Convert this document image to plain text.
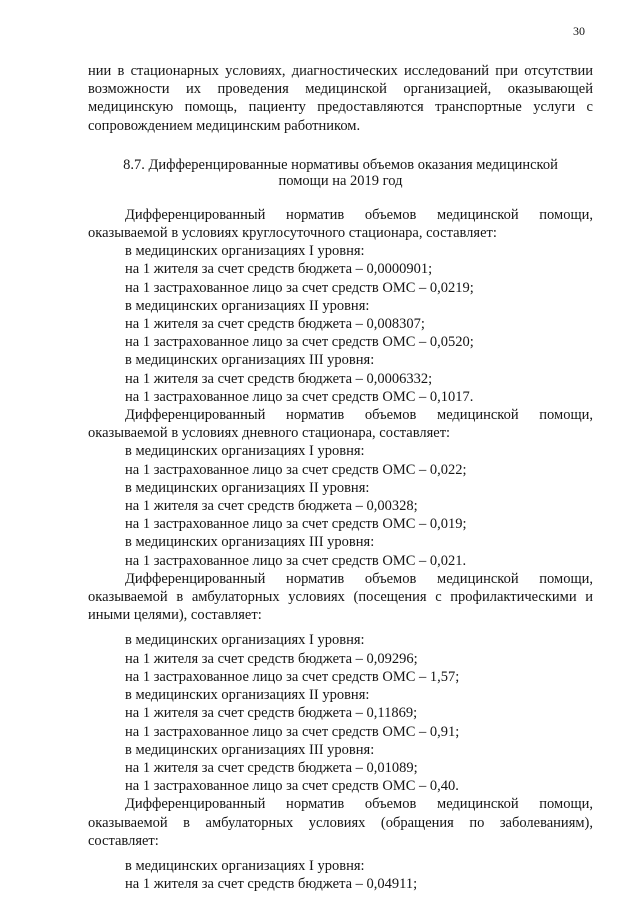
30

нии в стационарных условиях, диагностических исследований при отсутствии возможности их проведения медицинской организацией, оказывающей медицинскую помощь, пациенту предоставляются транспортные услуги с сопровождением медицинским работником.

8.7. Дифференцированные нормативы объемов оказания медицинской
помощи на 2019 год

Дифференцированный норматив объемов медицинской помощи, оказываемой в условиях круглосуточного стационара, составляет:

в медицинских организациях I уровня:
на 1 жителя за счет средств бюджета – 0,0000901;
на 1 застрахованное лицо за счет средств ОМС – 0,0219;
в медицинских организациях II уровня:
на 1 жителя за счет средств бюджета – 0,008307;
на 1 застрахованное лицо за счет средств ОМС – 0,0520;
в медицинских организациях III уровня:
на 1 жителя за счет средств бюджета – 0,0006332;
на 1 застрахованное лицо за счет средств ОМС – 0,1017.

Дифференцированный норматив объемов медицинской помощи, оказываемой в условиях дневного стационара, составляет:

в медицинских организациях I уровня:
на 1 застрахованное лицо за счет средств ОМС – 0,022;
в медицинских организациях II уровня:
на 1 жителя за счет средств бюджета – 0,00328;
на 1 застрахованное лицо за счет средств ОМС – 0,019;
в медицинских организациях III уровня:
на 1 застрахованное лицо за счет средств ОМС – 0,021.

Дифференцированный норматив объемов медицинской помощи, оказываемой в амбулаторных условиях (посещения с профилактическими и иными целями), составляет:

в медицинских организациях I уровня:
на 1 жителя за счет средств бюджета – 0,09296;
на 1 застрахованное лицо за счет средств ОМС – 1,57;
в медицинских организациях II уровня:
на 1 жителя за счет средств бюджета – 0,11869;
на 1 застрахованное лицо за счет средств ОМС – 0,91;
в медицинских организациях III уровня:
на 1 жителя за счет средств бюджета – 0,01089;
на 1 застрахованное лицо за счет средств ОМС – 0,40.

Дифференцированный норматив объемов медицинской помощи, оказываемой в амбулаторных условиях (обращения по заболеваниям), составляет:

в медицинских организациях I уровня:
на 1 жителя за счет средств бюджета – 0,04911;
